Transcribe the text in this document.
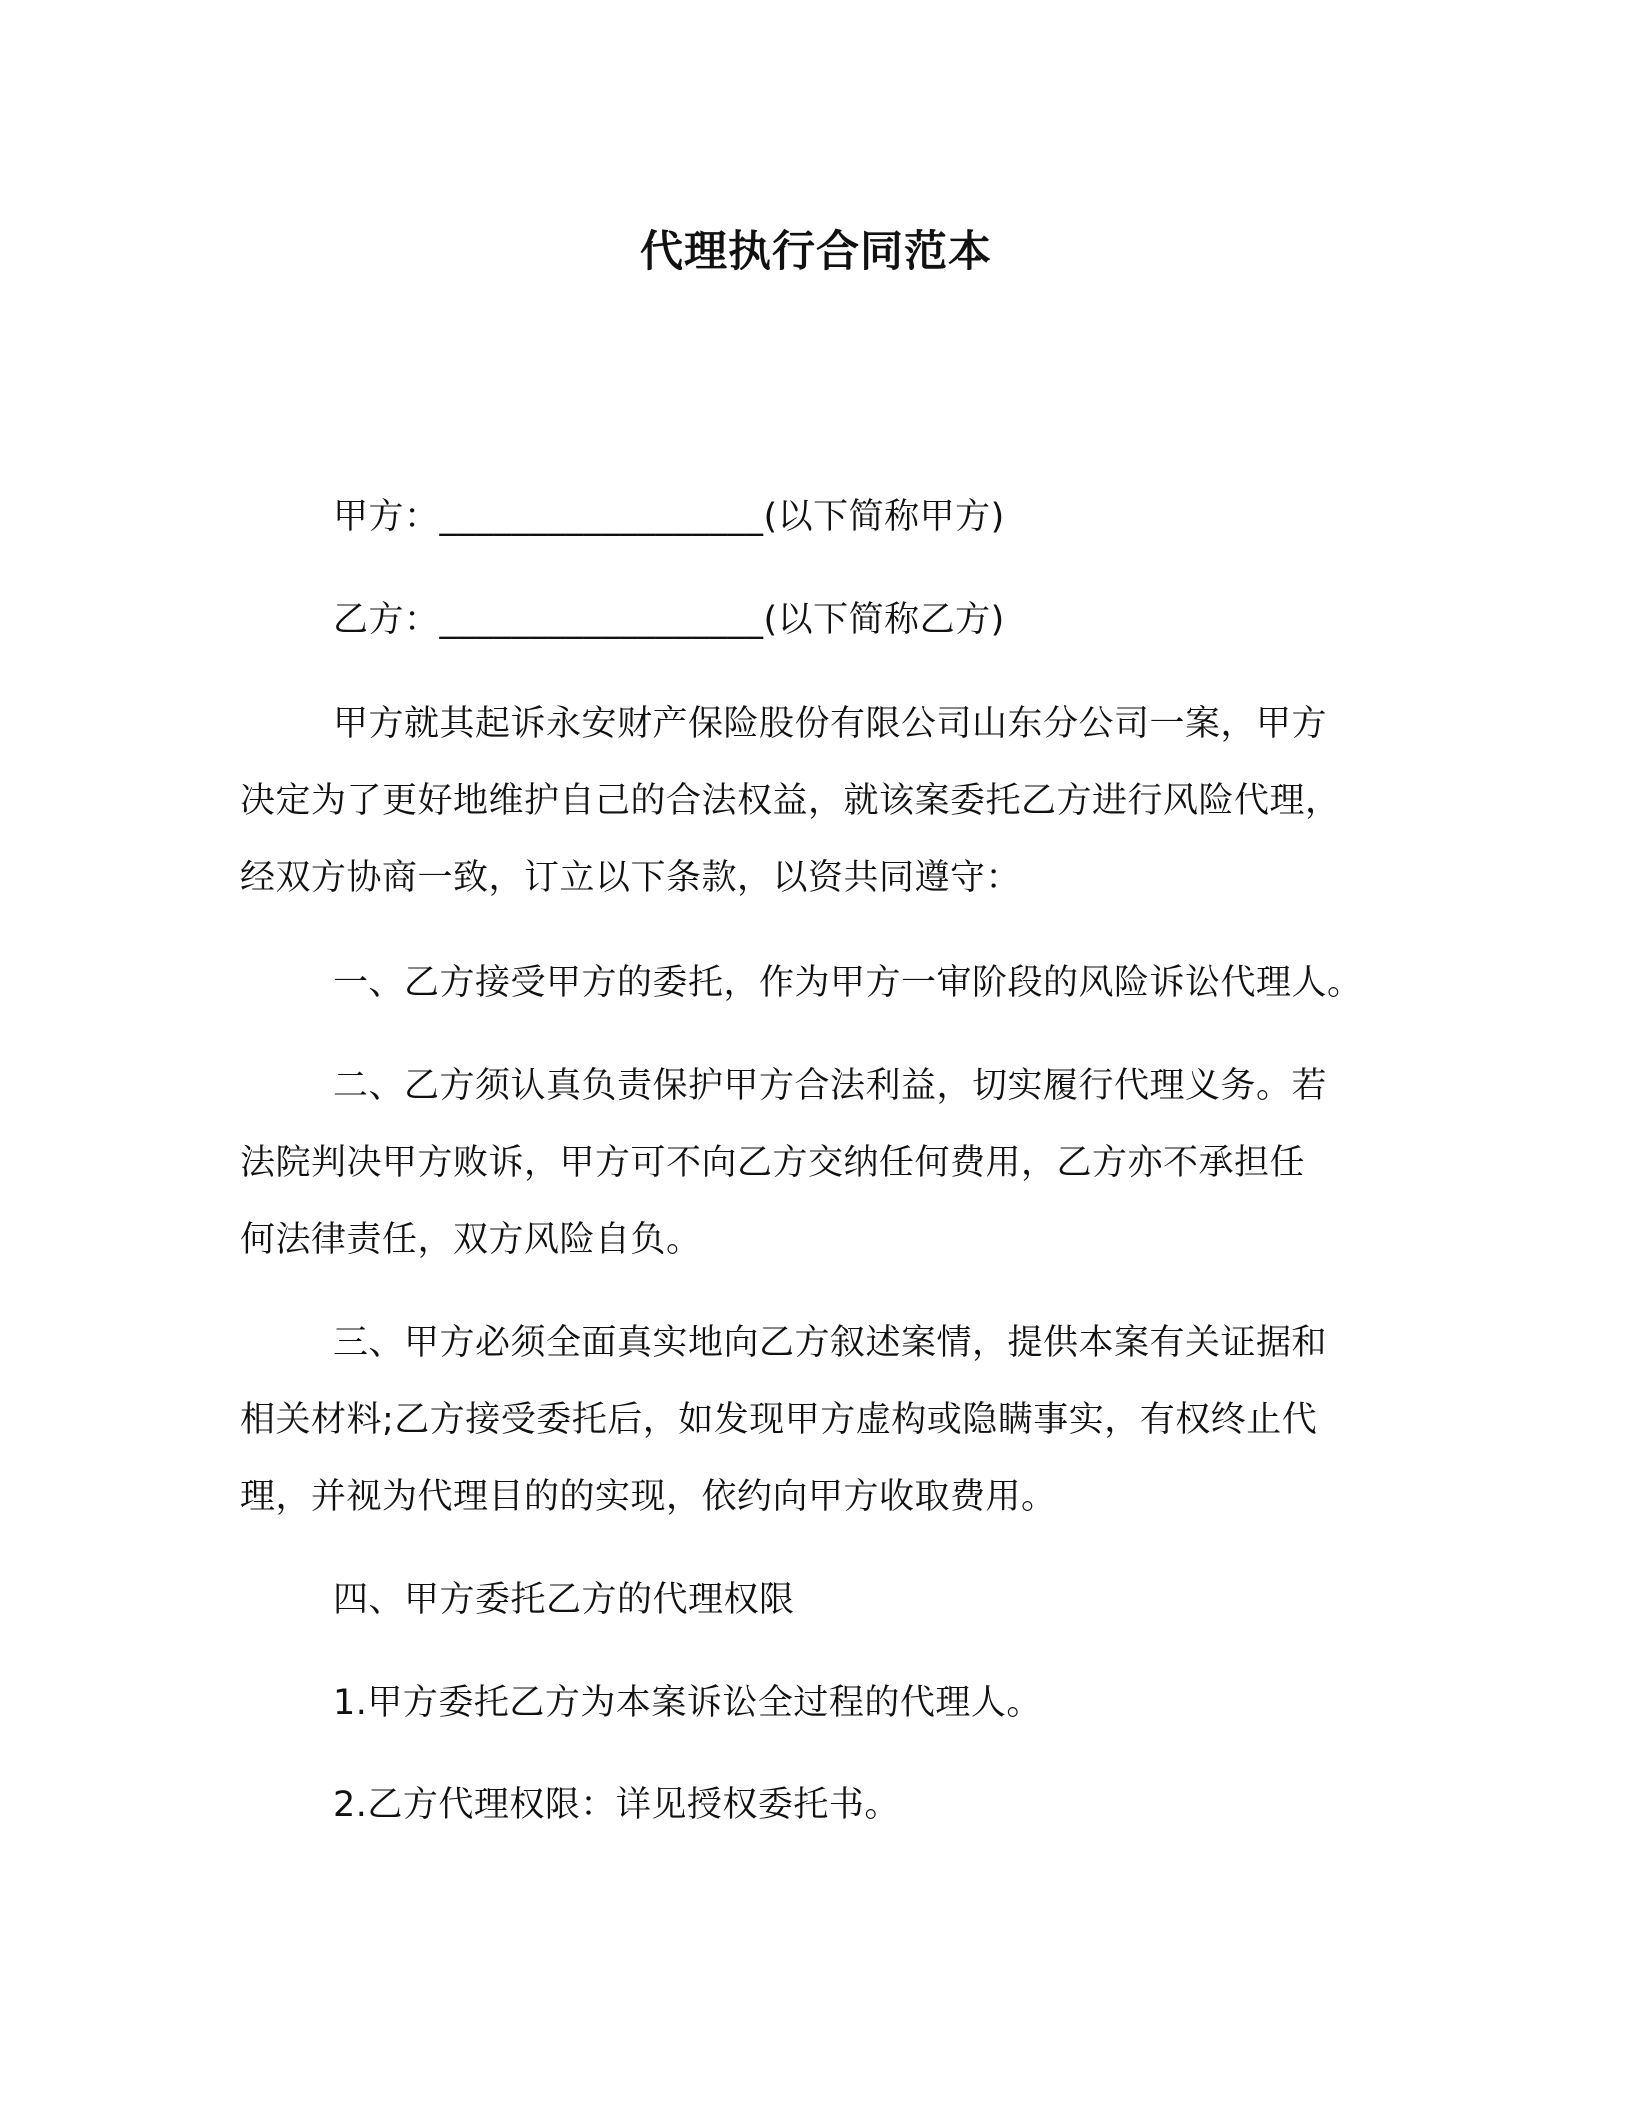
代理执行合同范本
甲方：__________________(以下简称甲方)
乙方：__________________(以下简称乙方)
甲方就其起诉永安财产保险股份有限公司山东分公司一案，甲方
决定为了更好地维护自己的合法权益，就该案委托乙方进行风险代理，
经双方协商一致，订立以下条款，以资共同遵守：
一、乙方接受甲方的委托，作为甲方一审阶段的风险诉讼代理人。
二、乙方须认真负责保护甲方合法利益，切实履行代理义务。若
法院判决甲方败诉，甲方可不向乙方交纳任何费用，乙方亦不承担任
何法律责任，双方风险自负。
三、甲方必须全面真实地向乙方叙述案情，提供本案有关证据和
相关材料;乙方接受委托后，如发现甲方虚构或隐瞒事实，有权终止代
理，并视为代理目的的实现，依约向甲方收取费用。
四、甲方委托乙方的代理权限
1.甲方委托乙方为本案诉讼全过程的代理人。
2.乙方代理权限：详见授权委托书。
